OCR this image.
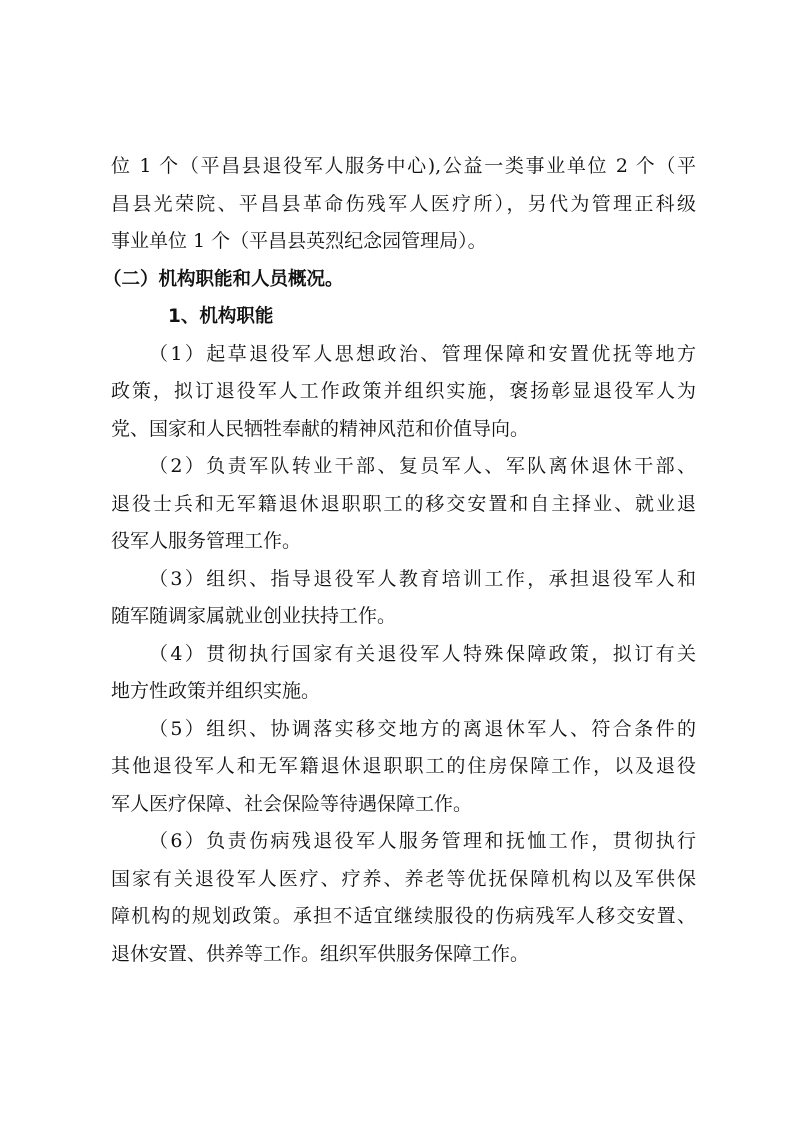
位 1 个（平昌县退役军人服务中心),公益一类事业单位 2 个（平
昌县光荣院、平昌县革命伤残军人医疗所），另代为管理正科级
事业单位 1 个（平昌县英烈纪念园管理局）。
（二）机构职能和人员概况。
1、机构职能
（1）起草退役军人思想政治、管理保障和安置优抚等地方
政策，拟订退役军人工作政策并组织实施，褒扬彰显退役军人为
党、国家和人民牺牲奉献的精神风范和价值导向。
（2）负责军队转业干部、复员军人、军队离休退休干部、
退役士兵和无军籍退休退职职工的移交安置和自主择业、就业退
役军人服务管理工作。
（3）组织、指导退役军人教育培训工作，承担退役军人和
随军随调家属就业创业扶持工作。
（4）贯彻执行国家有关退役军人特殊保障政策，拟订有关
地方性政策并组织实施。
（5）组织、协调落实移交地方的离退休军人、符合条件的
其他退役军人和无军籍退休退职职工的住房保障工作，以及退役
军人医疗保障、社会保险等待遇保障工作。
（6）负责伤病残退役军人服务管理和抚恤工作，贯彻执行
国家有关退役军人医疗、疗养、养老等优抚保障机构以及军供保
障机构的规划政策。承担不适宜继续服役的伤病残军人移交安置、
退休安置、供养等工作。组织军供服务保障工作。
